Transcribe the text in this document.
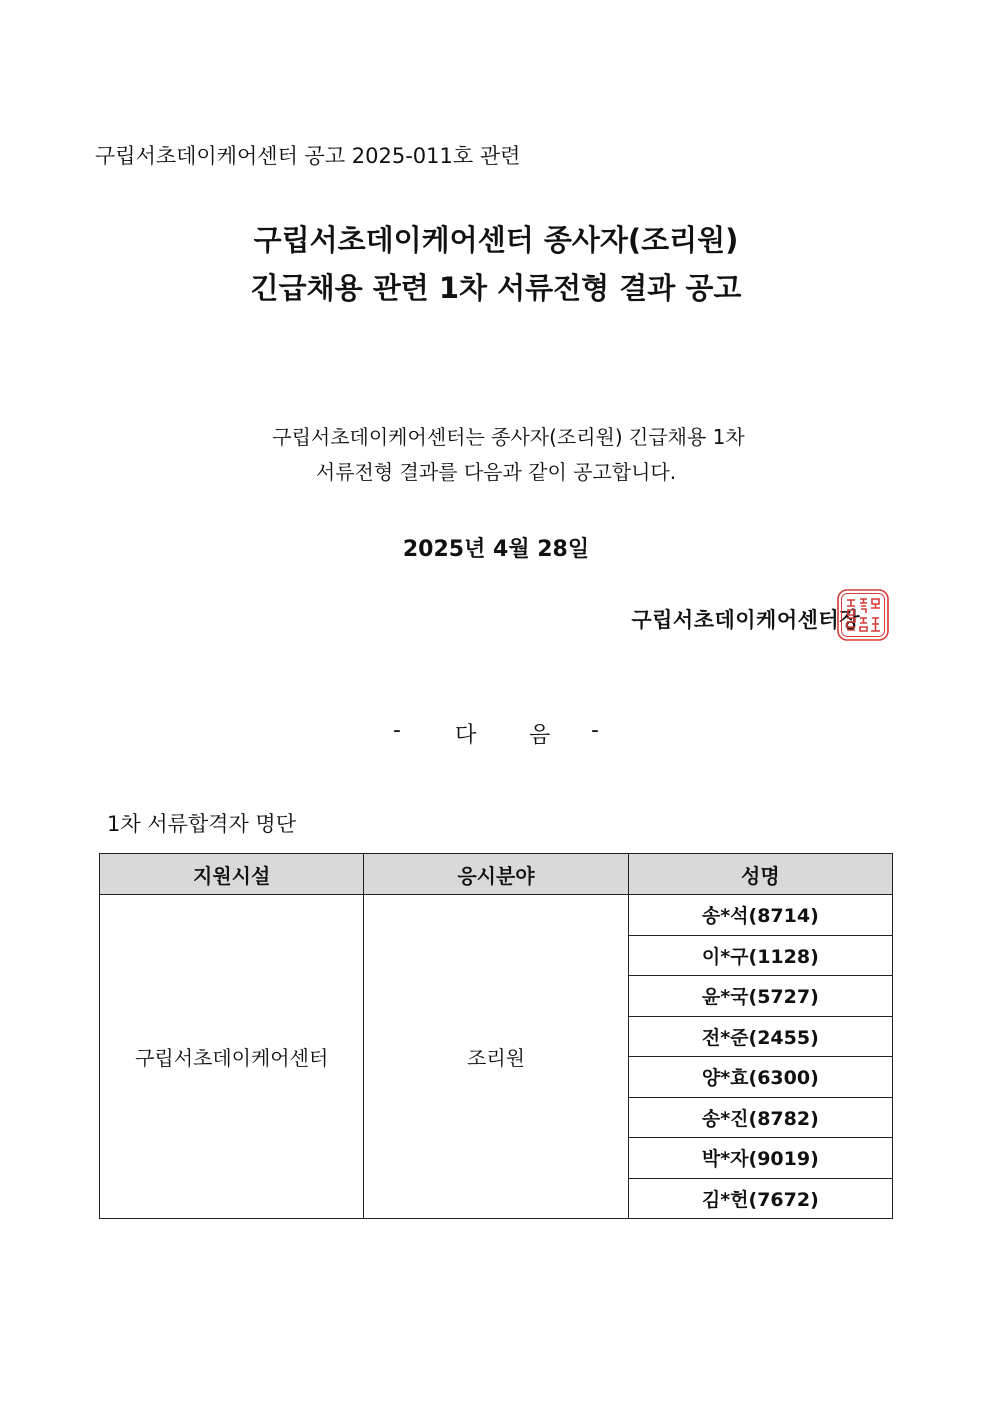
구립서초데이케어센터 공고 2025-011호 관련
구립서초데이케어센터 종사자(조리원)
긴급채용 관련 1차 서류전형 결과 공고
구립서초데이케어센터는 종사자(조리원) 긴급채용 1차
서류전형 결과를 다음과 같이 공고합니다.
2025년 4월 28일
구립서초데이케어센터장
- 다 음 -
1차 서류합격자 명단
지원시설	응시분야	성명
구립서초데이케어센터	조리원	송*석(8714)
		이*구(1128)
		윤*국(5727)
		전*준(2455)
		양*효(6300)
		송*진(8782)
		박*자(9019)
		김*헌(7672)
